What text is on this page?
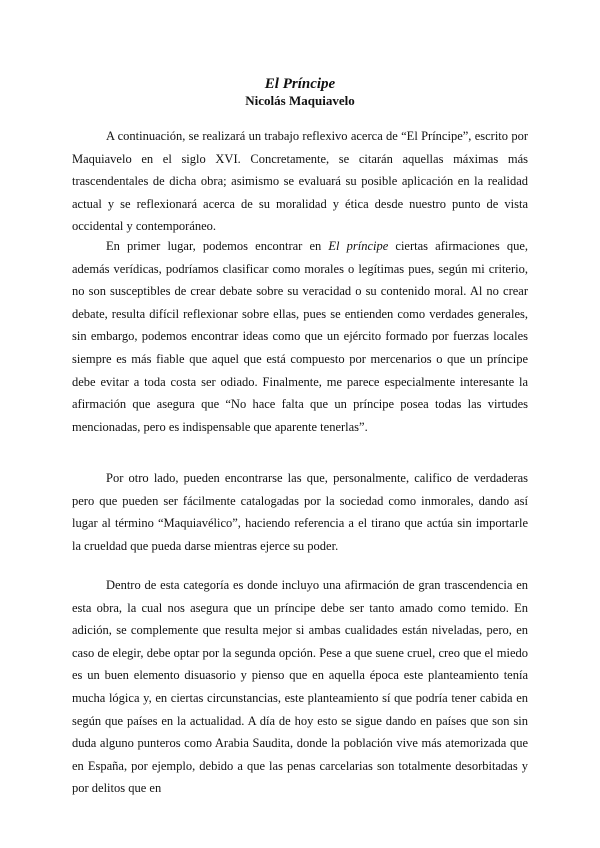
El Príncipe
Nicolás Maquiavelo

A continuación, se realizará un trabajo reflexivo acerca de “El Príncipe”, escrito por Maquiavelo en el siglo XVI. Concretamente, se citarán aquellas máximas más trascendentales de dicha obra; asimismo se evaluará su posible aplicación en la realidad actual y se reflexionará acerca de su moralidad y ética desde nuestro punto de vista occidental y contemporáneo.

En primer lugar, podemos encontrar en El príncipe ciertas afirmaciones que, además verídicas, podríamos clasificar como morales o legítimas pues, según mi criterio, no son susceptibles de crear debate sobre su veracidad o su contenido moral. Al no crear debate, resulta difícil reflexionar sobre ellas, pues se entienden como verdades generales, sin embargo, podemos encontrar ideas como que un ejército formado por fuerzas locales siempre es más fiable que aquel que está compuesto por mercenarios o que un príncipe debe evitar a toda costa ser odiado. Finalmente, me parece especialmente interesante la afirmación que asegura que “No hace falta que un príncipe posea todas las virtudes mencionadas, pero es indispensable que aparente tenerlas”.

Por otro lado, pueden encontrarse las que, personalmente, califico de verdaderas pero que pueden ser fácilmente catalogadas por la sociedad como inmorales, dando así lugar al término “Maquiavélico”, haciendo referencia a el tirano que actúa sin importarle la crueldad que pueda darse mientras ejerce su poder.

Dentro de esta categoría es donde incluyo una afirmación de gran trascendencia en esta obra, la cual nos asegura que un príncipe debe ser tanto amado como temido. En adición, se complemente que resulta mejor si ambas cualidades están niveladas, pero, en caso de elegir, debe optar por la segunda opción. Pese a que suene cruel, creo que el miedo es un buen elemento disuasorio y pienso que en aquella época este planteamiento tenía mucha lógica y, en ciertas circunstancias, este planteamiento sí que podría tener cabida en según que países en la actualidad. A día de hoy esto se sigue dando en países que son sin duda alguno punteros como Arabia Saudita, donde la población vive más atemorizada que en España, por ejemplo, debido a que las penas carcelarias son totalmente desorbitadas y por delitos que en
